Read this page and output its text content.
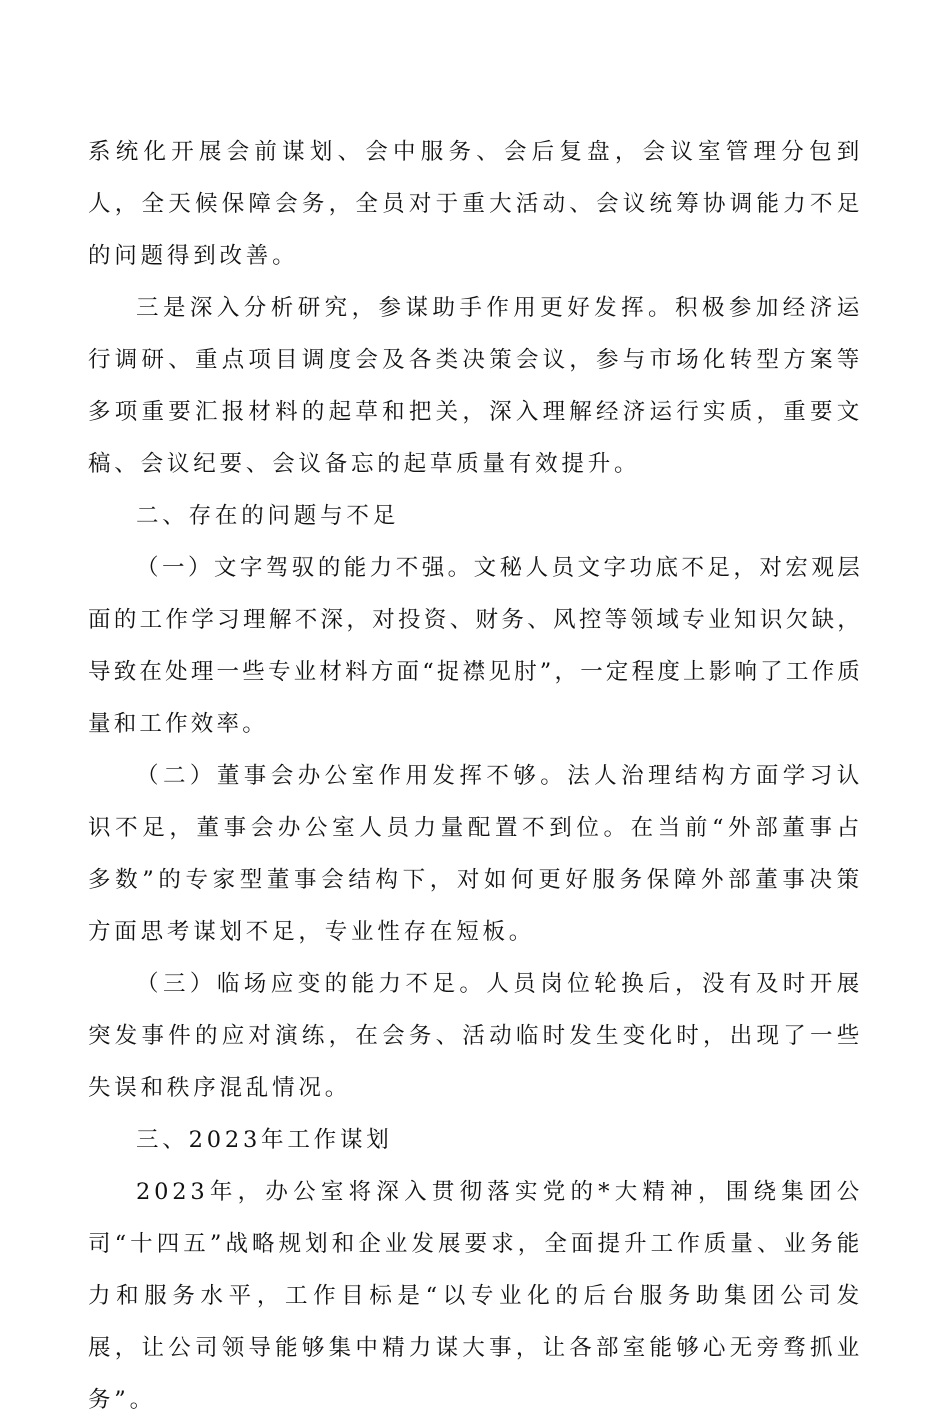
系统化开展会前谋划、会中服务、会后复盘，会议室管理分包到人，全天候保障会务，全员对于重大活动、会议统筹协调能力不足的问题得到改善。

三是深入分析研究，参谋助手作用更好发挥。积极参加经济运行调研、重点项目调度会及各类决策会议，参与市场化转型方案等多项重要汇报材料的起草和把关，深入理解经济运行实质，重要文稿、会议纪要、会议备忘的起草质量有效提升。

二、存在的问题与不足

（一）文字驾驭的能力不强。文秘人员文字功底不足，对宏观层面的工作学习理解不深，对投资、财务、风控等领域专业知识欠缺，导致在处理一些专业材料方面“捉襟见肘”，一定程度上影响了工作质量和工作效率。

（二）董事会办公室作用发挥不够。法人治理结构方面学习认识不足，董事会办公室人员力量配置不到位。在当前“外部董事占多数”的专家型董事会结构下，对如何更好服务保障外部董事决策方面思考谋划不足，专业性存在短板。

（三）临场应变的能力不足。人员岗位轮换后，没有及时开展突发事件的应对演练，在会务、活动临时发生变化时，出现了一些失误和秩序混乱情况。

三、2023年工作谋划

2023年，办公室将深入贯彻落实党的*大精神，围绕集团公司“十四五”战略规划和企业发展要求，全面提升工作质量、业务能力和服务水平，工作目标是“以专业化的后台服务助集团公司发展，让公司领导能够集中精力谋大事，让各部室能够心无旁骛抓业务”。
